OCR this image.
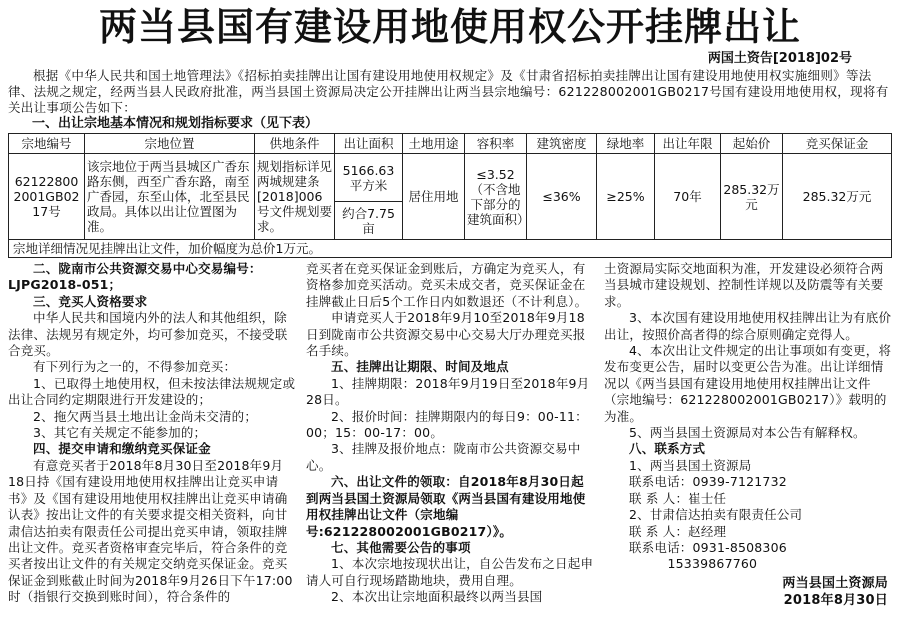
两当县国有建设用地使用权公开挂牌出让
两国土资告[2018]02号

根据《中华人民共和国土地管理法》《招标拍卖挂牌出让国有建设用地使用权规定》及《甘肃省招标拍卖挂牌出让国有建设用地使用权实施细则》等法律、法规之规定，经两当县人民政府批准，两当县国土资源局决定公开挂牌出让两当县宗地编号：621228002001GB0217号国有建设用地使用权，现将有关出让事项公告如下：

一、出让宗地基本情况和规划指标要求（见下表）
宗地编号	宗地位置	供地条件	出让面积	土地用途	容积率	建筑密度	绿地率	出让年限	起始价	竞买保证金
621228002001GB0217号	该宗地位于两当县城区广香东路东侧，西至广香东路，南至广香园，东至山体，北至县民政局。具体以出让位置图为准。	规划指标详见两城规建条[2018]006号文件规划要求。	5166.63平方米	居住用地	≤3.52（不含地下部分的建筑面积）	≤36%	≥25%	70年	285.32万元	285.32万元
			约合7.75亩							
宗地详细情况见挂牌出让文件，加价幅度为总价1万元。										

二、陇南市公共资源交易中心交易编号：LJPG2018-051；

三、竞买人资格要求

中华人民共和国境内外的法人和其他组织，除法律、法规另有规定外，均可参加竞买，不接受联合竞买。

有下列行为之一的，不得参加竞买：

1、已取得土地使用权，但未按法律法规规定或出让合同约定期限进行开发建设的；

2、拖欠两当县土地出让金尚未交清的；

3、其它有关规定不能参加的；

四、提交申请和缴纳竞买保证金

有意竞买者于2018年8月30日至2018年9月18日持《国有建设用地使用权挂牌出让竞买申请书》及《国有建设用地使用权挂牌出让竞买申请确认表》按出让文件的有关要求提交相关资料，向甘肃信达拍卖有限责任公司提出竞买申请，领取挂牌出让文件。竞买者资格审查完毕后，符合条件的竞买者按出让文件的有关规定交纳竞买保证金。竞买保证金到账截止时间为2018年9月26日下午17:00时（指银行交换到账时间），符合条件的

竞买者在竞买保证金到账后，方确定为竞买人，有资格参加竞买活动。竞买未成交者，竞买保证金在挂牌截止日后5个工作日内如数退还（不计利息）。

申请竞买人于2018年9月10至2018年9月18日到陇南市公共资源交易中心交易大厅办理竞买报名手续。

五、挂牌出让期限、时间及地点

1、挂牌期限：2018年9月19日至2018年9月28日。

2、报价时间：挂牌期限内的每日9：00-11：00；15：00-17：00。

3、挂牌及报价地点：陇南市公共资源交易中心。

六、出让文件的领取：自2018年8月30日起到两当县国土资源局领取《两当县国有建设用地使用权挂牌出让文件（宗地编号:621228002001GB0217）》。

七、其他需要公告的事项

1、本次宗地按现状出让，自公告发布之日起申请人可自行现场踏勘地块，费用自理。

2、本次出让宗地面积最终以两当县国

土资源局实际交地面积为准，开发建设必须符合两当县城市建设规划、控制性详规以及防震等有关要求。

3、本次国有建设用地使用权挂牌出让为有底价出让，按照价高者得的综合原则确定竞得人。

4、本次出让文件规定的出让事项如有变更，将发布变更公告，届时以变更公告为准。出让详细情况以《两当县国有建设用地使用权挂牌出让文件（宗地编号：621228002001GB0217）》载明的为准。

5、两当县国土资源局对本公告有解释权。

八、联系方式

1、两当县国土资源局

联系电话：0939-7121732

联 系 人：崔士任

2、甘肃信达拍卖有限责任公司

联 系 人：赵经理

联系电话：0931-8508306

　　　　　15339867760

两当县国土资源局
2018年8月30日
